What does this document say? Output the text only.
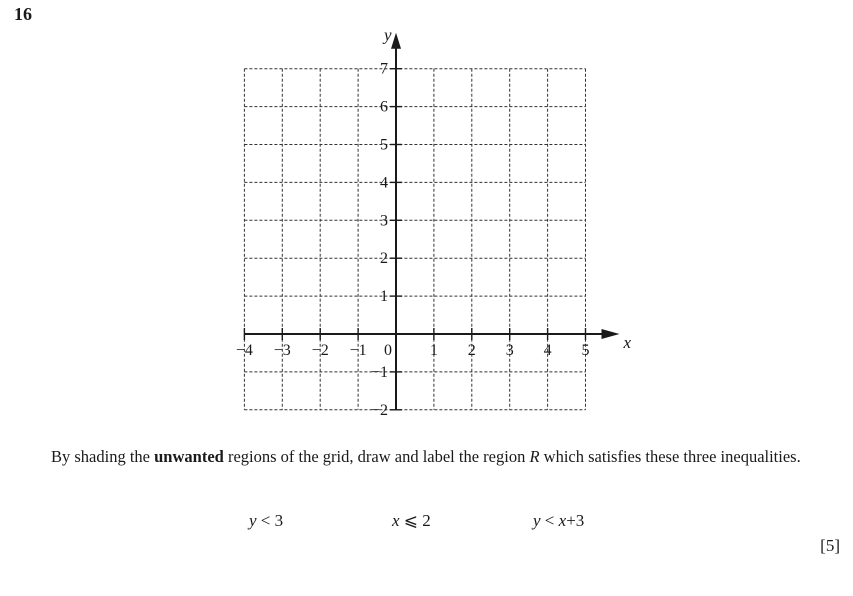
16
−4 −3 −2 −1 0 1 2 3 4 5
7
6
5
4
3
2
1
−1
−2
x
y
By shading the unwanted regions of the grid, draw and label the region R which satisfies these three inequalities.
y < 3	x ⩽ 2	y < x+3
[5]
